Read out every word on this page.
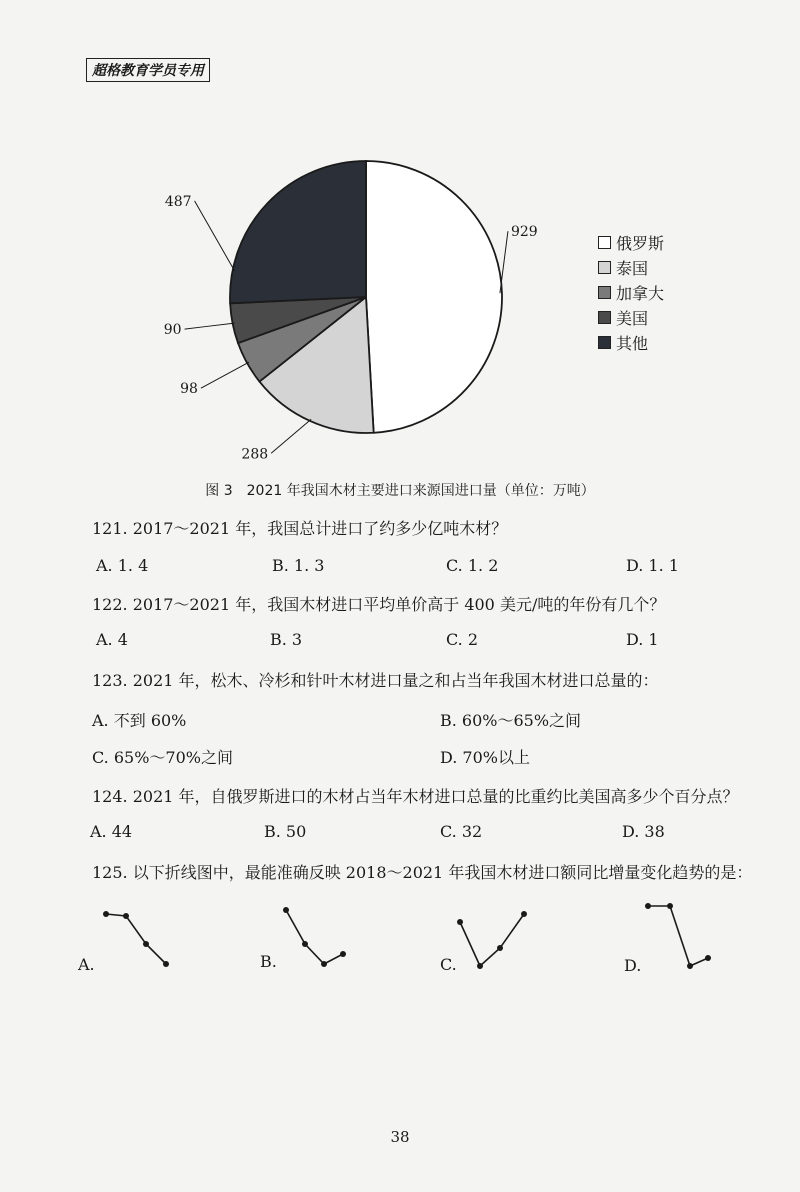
超格教育学员专用
929
288
98
90
487
俄罗斯
泰国
加拿大
美国
其他
图 3　2021 年我国木材主要进口来源国进口量（单位：万吨）
121. 2017～2021 年，我国总计进口了约多少亿吨木材？
A. 1. 4	B. 1. 3	C. 1. 2	D. 1. 1
122. 2017～2021 年，我国木材进口平均单价高于 400 美元/吨的年份有几个？
A. 4	B. 3	C. 2	D. 1
123. 2021 年，松木、冷杉和针叶木材进口量之和占当年我国木材进口总量的：
A. 不到 60%	B. 60%～65%之间
C. 65%～70%之间	D. 70%以上
124. 2021 年，自俄罗斯进口的木材占当年木材进口总量的比重约比美国高多少个百分点？
A. 44	B. 50	C. 32	D. 38
125. 以下折线图中，最能准确反映 2018～2021 年我国木材进口额同比增量变化趋势的是：
A.	B.	C.	D.
38
